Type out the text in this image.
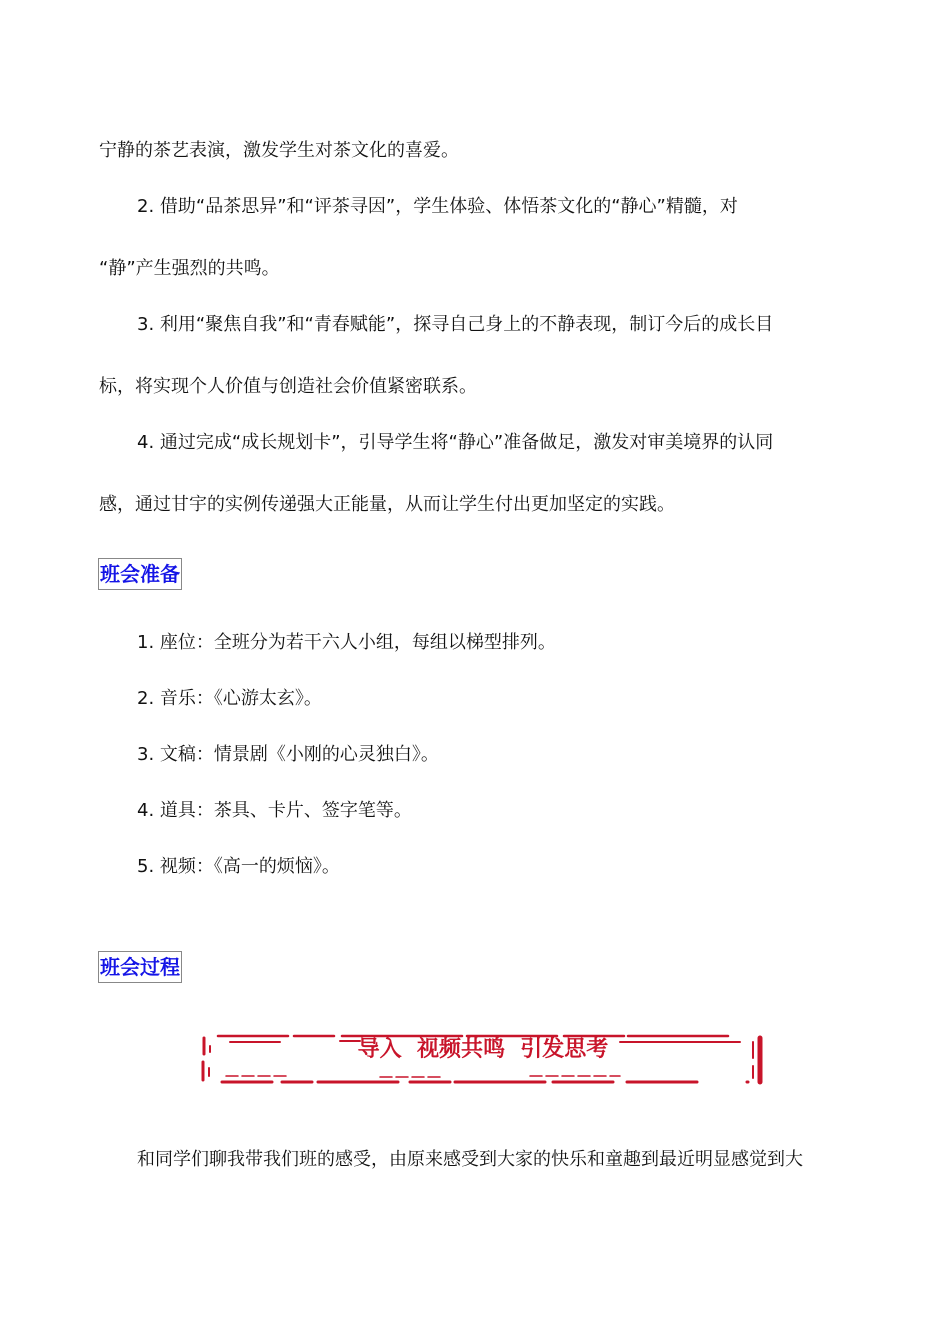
宁静的茶艺表演，激发学生对茶文化的喜爱。
2. 借助“品茶思异”和“评茶寻因”，学生体验、体悟茶文化的“静心”精髓，对
“静”产生强烈的共鸣。
3. 利用“聚焦自我”和“青春赋能”，探寻自己身上的不静表现，制订今后的成长目
标，将实现个人价值与创造社会价值紧密联系。
4. 通过完成“成长规划卡”，引导学生将“静心”准备做足，激发对审美境界的认同
感，通过甘宇的实例传递强大正能量，从而让学生付出更加坚定的实践。
班会准备
1. 座位：全班分为若干六人小组，每组以梯型排列。
2. 音乐：《心游太玄》。
3. 文稿：情景剧《小刚的心灵独白》。
4. 道具：茶具、卡片、签字笔等。
5. 视频：《高一的烦恼》。
班会过程
导入  视频共鸣  引发思考
和同学们聊我带我们班的感受，由原来感受到大家的快乐和童趣到最近明显感觉到大
